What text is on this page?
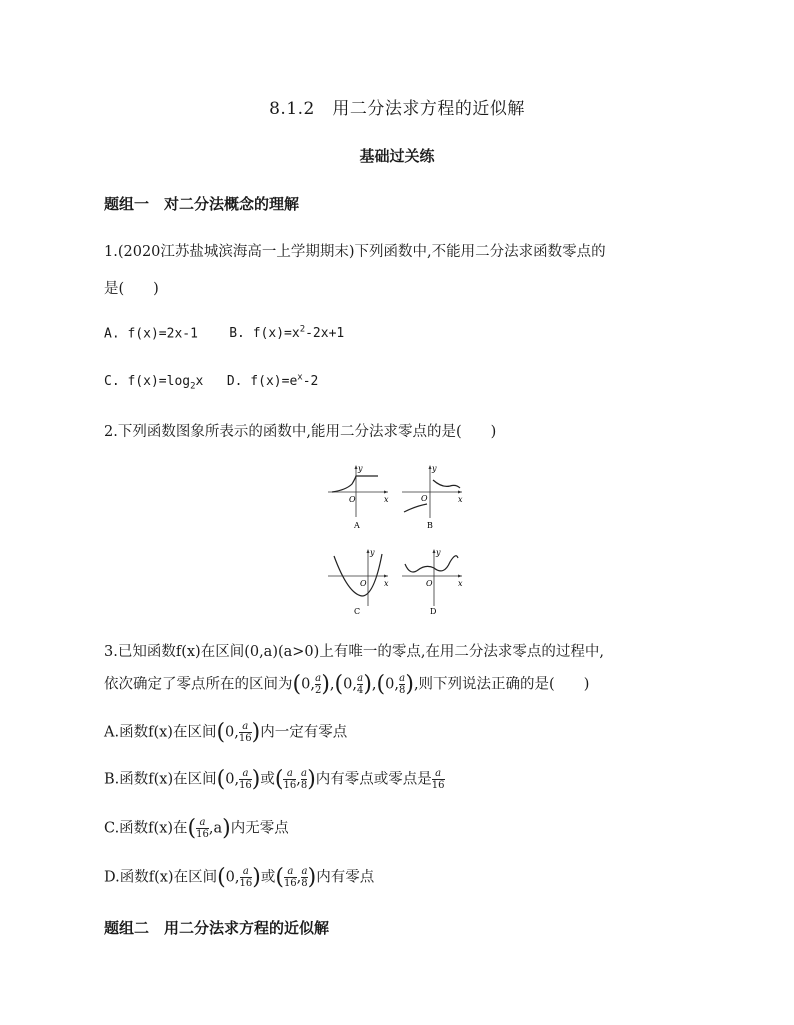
8.1.2　用二分法求方程的近似解
基础过关练
题组一　对二分法概念的理解
1.(2020江苏盐城滨海高一上学期期末)下列函数中,不能用二分法求函数零点的
是(　　)
A. f(x)=2x-1 B. $f(x)=x^2-2x+1$
C. $f(x)=\log_2x$ D. $f(x)=e^x-2$
2.下列函数图象所表示的函数中,能用二分法求零点的是(　　)
y
x
O
A
y
x
O
B
y
x
O
C
y
x
O
D
3.已知函数f(x)在区间(0,a)(a>0)上有唯一的零点,在用二分法求零点的过程中,
依次确定了零点所在的区间为(0, $\frac{a}{2} ),(0$, $\frac{a}{4} ),(0$, $\frac{a}{8}$ ),则下列说法正确的是(　　)
A.函数f(x)在区间(0, $\frac{a}{16}$ )内一定有零点
B.函数f(x)在区间(0, $\frac{a}{16}$ )或( $\frac{a}{16}$ , $\frac{a}{8}$ )内有零点或零点是 $\frac{a}{16}$
C.函数f(x)在( $\frac{a}{16} ,a$)内无零点
D.函数f(x)在区间(0, $\frac{a}{16}$ )或( $\frac{a}{16}$ , $\frac{a}{8}$ )内有零点
题组二　用二分法求方程的近似解
